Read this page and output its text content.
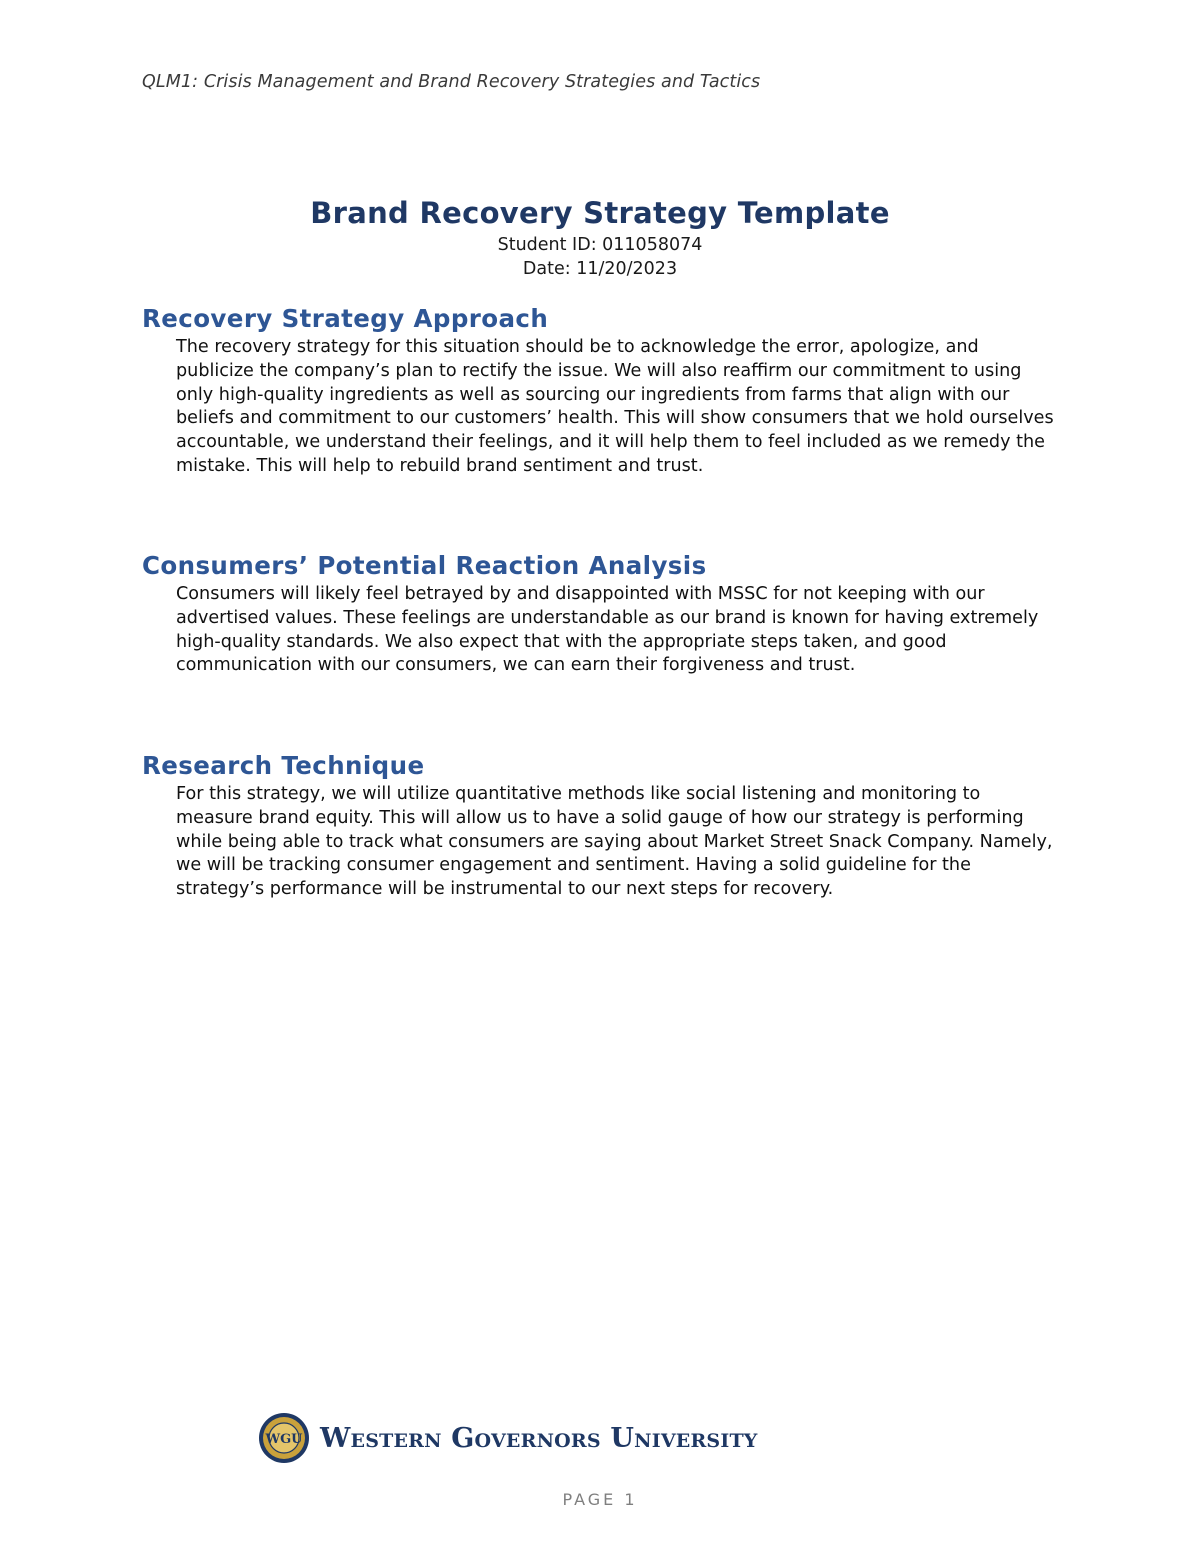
QLM1: Crisis Management and Brand Recovery Strategies and Tactics
Brand Recovery Strategy Template
Student ID: 011058074
Date: 11/20/2023
Recovery Strategy Approach

The recovery strategy for this situation should be to acknowledge the error, apologize, and publicize the company’s plan to rectify the issue. We will also reaffirm our commitment to using only high-quality ingredients as well as sourcing our ingredients from farms that align with our beliefs and commitment to our customers’ health. This will show consumers that we hold ourselves accountable, we understand their feelings, and it will help them to feel included as we remedy the mistake. This will help to rebuild brand sentiment and trust.

Consumers’ Potential Reaction Analysis

Consumers will likely feel betrayed by and disappointed with MSSC for not keeping with our advertised values. These feelings are understandable as our brand is known for having extremely high-quality standards. We also expect that with the appropriate steps taken, and good communication with our consumers, we can earn their forgiveness and trust.

Research Technique

For this strategy, we will utilize quantitative methods like social listening and monitoring to measure brand equity. This will allow us to have a solid gauge of how our strategy is performing while being able to track what consumers are saying about Market Street Snack Company. Namely, we will be tracking consumer engagement and sentiment. Having a solid guideline for the strategy’s performance will be instrumental to our next steps for recovery.

WGU Western Governors University
PAGE 1
